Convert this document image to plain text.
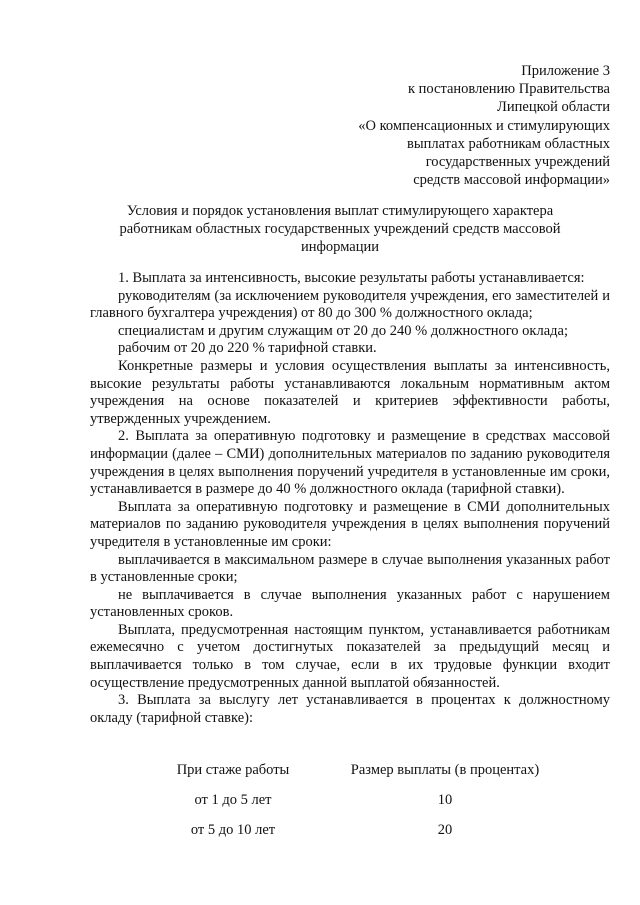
Приложение 3
к постановлению Правительства
Липецкой области
«О компенсационных и стимулирующих
выплатах работникам областных
государственных учреждений
средств массовой информации»
Условия и порядок установления выплат стимулирующего характера
работникам областных государственных учреждений средств массовой
информации

1. Выплата за интенсивность, высокие результаты работы устанавливается:

руководителям (за исключением руководителя учреждения, его заместителей и главного бухгалтера учреждения) от 80 до 300 % должностного оклада;

специалистам и другим служащим от 20 до 240 % должностного оклада;

рабочим от 20 до 220 % тарифной ставки.

Конкретные размеры и условия осуществления выплаты за интенсивность, высокие результаты работы устанавливаются локальным нормативным актом учреждения на основе показателей и критериев эффективности работы, утвержденных учреждением.

2. Выплата за оперативную подготовку и размещение в средствах массовой информации (далее – СМИ) дополнительных материалов по заданию руководителя учреждения в целях выполнения поручений учредителя в установленные им сроки, устанавливается в размере до 40 % должностного оклада (тарифной ставки).

Выплата за оперативную подготовку и размещение в СМИ дополнительных материалов по заданию руководителя учреждения в целях выполнения поручений учредителя в установленные им сроки:

выплачивается в максимальном размере в случае выполнения указанных работ в установленные сроки;

не выплачивается в случае выполнения указанных работ с нарушением установленных сроков.

Выплата, предусмотренная настоящим пунктом, устанавливается работникам ежемесячно с учетом достигнутых показателей за предыдущий месяц и выплачивается только в том случае, если в их трудовые функции входит осуществление предусмотренных данной выплатой обязанностей.

3. Выплата за выслугу лет устанавливается в процентах к должностному окладу (тарифной ставке):

При стаже работы	Размер выплаты (в процентах)
от 1 до 5 лет	10
от 5 до 10 лет	20
